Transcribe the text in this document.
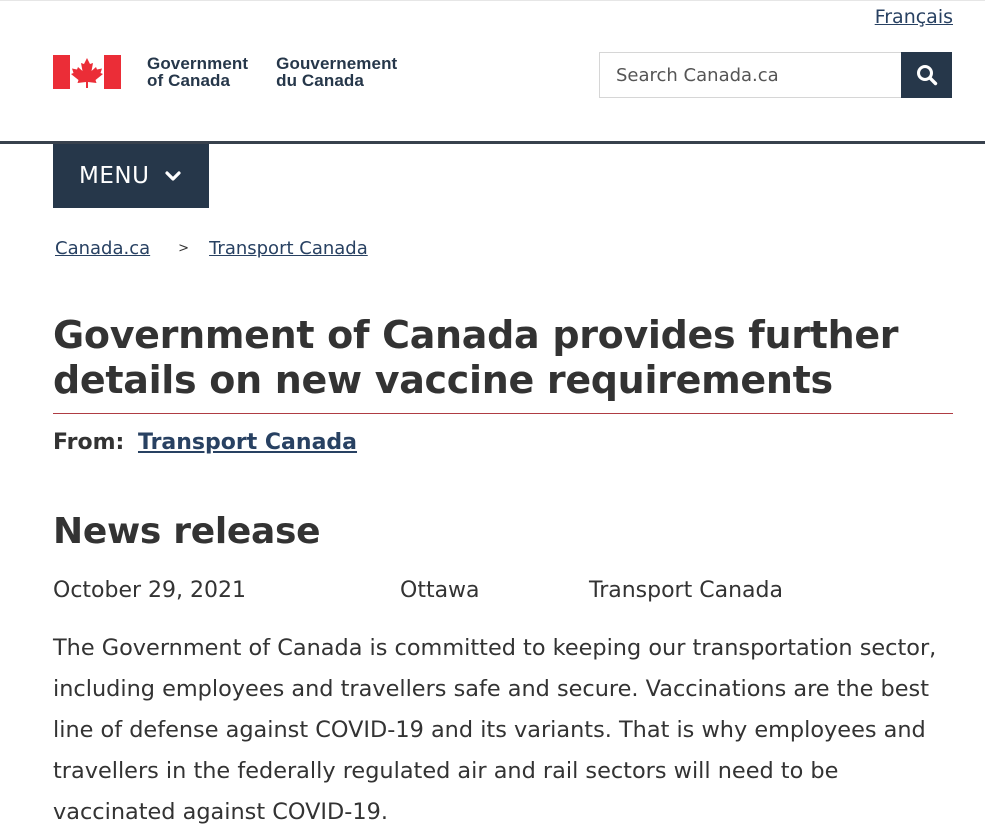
Français
Government
of Canada
Gouvernement
du Canada
Search Canada.ca
MENU
Canada.ca > Transport Canada
Government of Canada provides further details on new vaccine requirements
From: Transport Canada
News release
October 29, 2021	Ottawa	Transport Canada

The Government of Canada is committed to keeping our transportation sector, including employees and travellers safe and secure. Vaccinations are the best line of defense against COVID-19 and its variants. That is why employees and travellers in the federally regulated air and rail sectors will need to be vaccinated against COVID-19.
